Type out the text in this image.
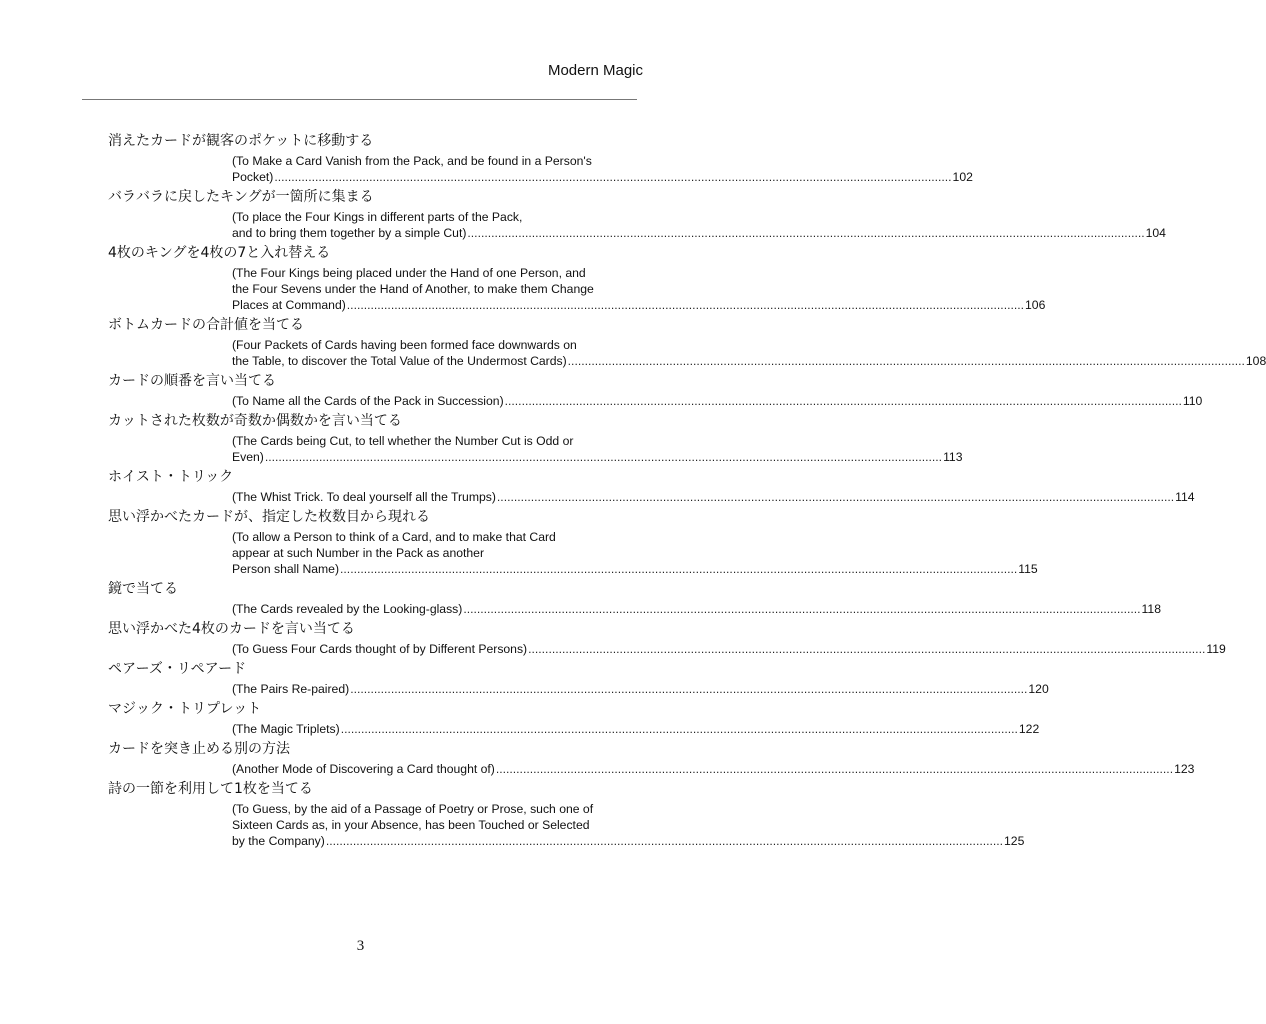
Modern Magic
消えたカードが観客のポケットに移動する
(To Make a Card Vanish from the Pack, and be found in a Person's
Pocket) ........................................................................................................................................................................................................ 102
バラバラに戻したキングが一箇所に集まる
(To place the Four Kings in different parts of the Pack,
and to bring them together by a simple Cut) ........................................................................................................................................................................................................ 104
4枚のキングを4枚の7と入れ替える
(The Four Kings being placed under the Hand of one Person, and
the Four Sevens under the Hand of Another, to make them Change
Places at Command) ........................................................................................................................................................................................................ 106
ボトムカードの合計値を当てる
(Four Packets of Cards having been formed face downwards on
the Table, to discover the Total Value of the Undermost Cards) ........................................................................................................................................................................................................ 108
カードの順番を言い当てる
(To Name all the Cards of the Pack in Succession) ........................................................................................................................................................................................................ 110
カットされた枚数が奇数か偶数かを言い当てる
(The Cards being Cut, to tell whether the Number Cut is Odd or
Even) ........................................................................................................................................................................................................ 113
ホイスト・トリック
(The Whist Trick. To deal yourself all the Trumps) ........................................................................................................................................................................................................ 114
思い浮かべたカードが、指定した枚数目から現れる
(To allow a Person to think of a Card, and to make that Card
appear at such Number in the Pack as another
Person shall Name) ........................................................................................................................................................................................................ 115
鏡で当てる
(The Cards revealed by the Looking-glass) ........................................................................................................................................................................................................ 118
思い浮かべた4枚のカードを言い当てる
(To Guess Four Cards thought of by Different Persons) ........................................................................................................................................................................................................ 119
ペアーズ・リペアード
(The Pairs Re-paired) ........................................................................................................................................................................................................ 120
マジック・トリプレット
(The Magic Triplets) ........................................................................................................................................................................................................ 122
カードを突き止める別の方法
(Another Mode of Discovering a Card thought of) ........................................................................................................................................................................................................ 123
詩の一節を利用して1枚を当てる
(To Guess, by the aid of a Passage of Poetry or Prose, such one of
Sixteen Cards as, in your Absence, has been Touched or Selected
by the Company) ........................................................................................................................................................................................................ 125
3
